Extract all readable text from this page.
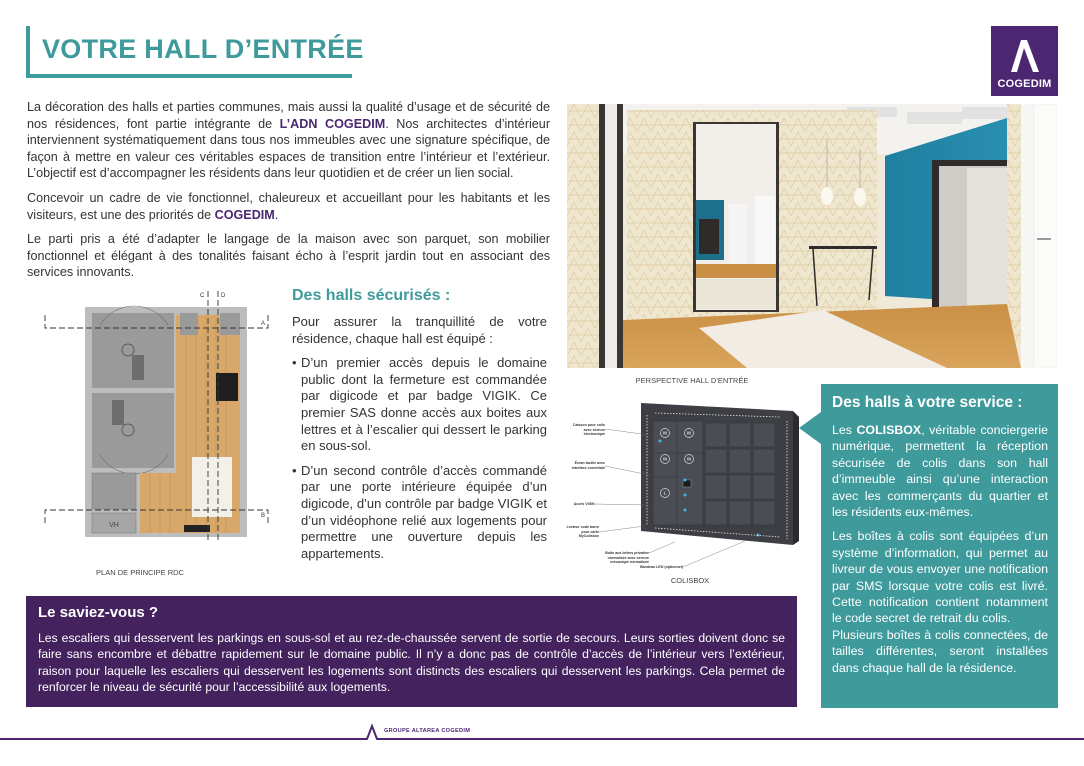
VOTRE HALL D’ENTRÉE
COGEDIM

La décoration des halls et parties communes, mais aussi la qualité d’usage et de sécurité de nos résidences, font partie intégrante de L’ADN COGEDIM. Nos architectes d’intérieur interviennent systématiquement dans tous nos immeubles avec une signature spécifique, de façon à mettre en valeur ces véritables espaces de transition entre l’intérieur et l’extérieur. L’objectif est d’accompagner les résidents dans leur quotidien et de créer un lien social.

Concevoir un cadre de vie fonctionnel, chaleureux et accueillant pour les habitants et les visiteurs, est une des priorités de COGEDIM.

Le parti pris a été d’adapter le langage de la maison avec son parquet, son mobilier fonctionnel et élégant à des tonalités faisant écho à l’esprit jardin tout en associant des services innovants.

PERSPECTIVE HALL D’ENTRÉE
VH
A
B
C	D
PLAN DE PRINCIPE RDC
Des halls sécurisés :

Pour assurer la tranquillité de votre résidence, chaque hall est équipé :

• D’un premier accès depuis le domaine public dont la fermeture est commandée par digicode et par badge VIGIK. Ce premier SAS donne accès aux boites aux lettres et à l’escalier qui dessert le parking en sous-sol.
• D’un second contrôle d’accès commandé par une porte intérieure équipée d’un digicode, d’un contrôle par badge VIGIK et d’un vidéophone relié aux logements pour permettre une ouverture depuis les appartements.
M	M
M	M
L
Caisson pour colis avec serrure électronique
Écran tactile avec interface conviviale
Accès VIGIK
Lecteur code barre pour carte MyColisbox
Boîte aux lettres privative normalisée avec serrure mécanique normalisée
Bandeau LED (optionnel)
COLISBOX
Des halls à votre service :

Les COLISBOX, véritable conciergerie numérique, permettent la réception sécurisée de colis dans son hall d’immeuble ainsi qu’une interaction avec les commerçants du quartier et les résidents eux-mêmes.

Les boîtes à colis sont équipées d’un système d’information, qui permet au livreur de vous envoyer une notification par SMS lorsque votre colis est livré. Cette notification contient notamment le code secret de retrait du colis.

Plusieurs boîtes à colis connectées, de tailles différentes, seront installées dans chaque hall de la résidence.

Le saviez-vous ?

Les escaliers qui desservent les parkings en sous-sol et au rez-de-chaussée servent de sortie de secours. Leurs sorties doivent donc se faire sans encombre et débattre rapidement sur le domaine public. Il n’y a donc pas de contrôle d’accès de l’intérieur vers l’extérieur, raison pour laquelle les escaliers qui desservent les logements sont distincts des escaliers qui desservent les parkings. Cela permet de renforcer le niveau de sécurité pour l’accessibilité aux logements.

GROUPE ALTAREA COGEDIM
